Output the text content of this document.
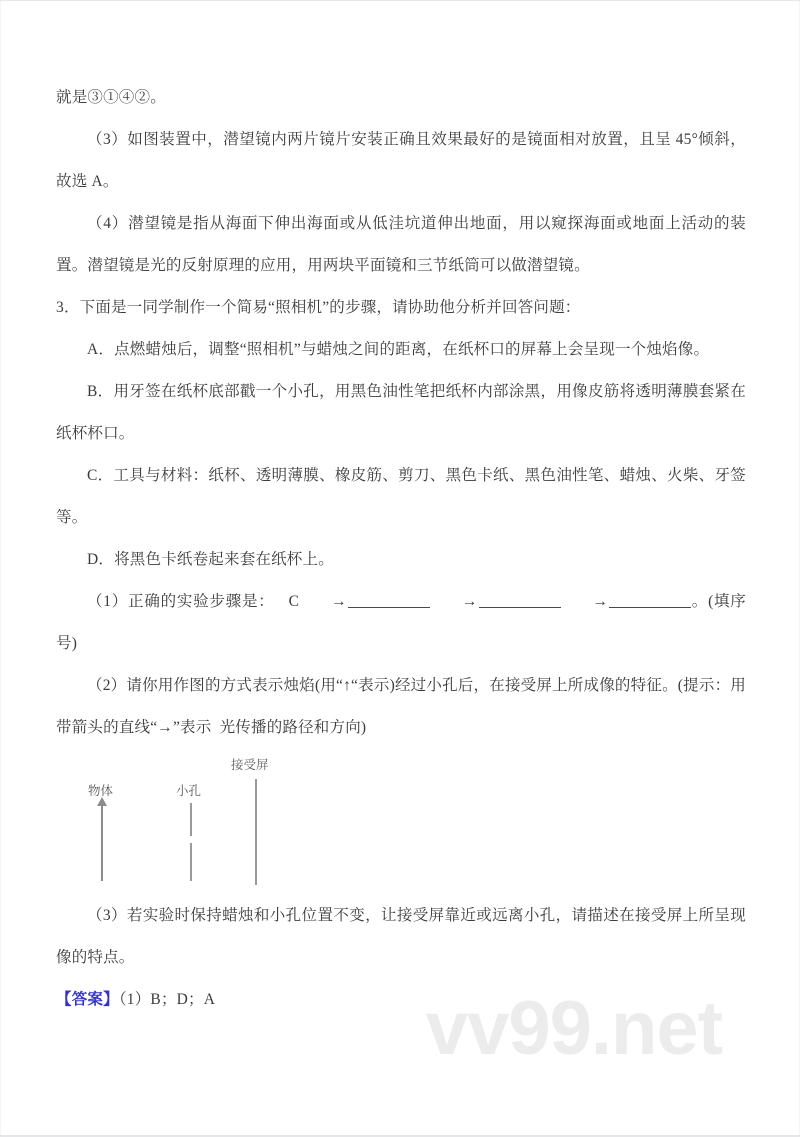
就是③①④②。

（3）如图装置中，潜望镜内两片镜片安装正确且效果最好的是镜面相对放置，且呈 45°倾斜，故选 A。

（4）潜望镜是指从海面下伸出海面或从低洼坑道伸出地面，用以窥探海面或地面上活动的装置。潜望镜是光的反射原理的应用，用两块平面镜和三节纸筒可以做潜望镜。

3．下面是一同学制作一个简易“照相机”的步骤，请协助他分析并回答问题：

A．点燃蜡烛后，调整“照相机”与蜡烛之间的距离，在纸杯口的屏幕上会呈现一个烛焰像。

B．用牙签在纸杯底部戳一个小孔，用黑色油性笔把纸杯内部涂黑，用像皮筋将透明薄膜套紧在纸杯杯口。

C．工具与材料：纸杯、透明薄膜、橡皮筋、剪刀、黑色卡纸、黑色油性笔、蜡烛、火柴、牙签等。

D．将黑色卡纸卷起来套在纸杯上。

（1）正确的实验步骤是： C →	→	→	。(填序号)

（2）请你用作图的方式表示烛焰(用“↑“表示)经过小孔后，在接受屏上所成像的特征。(提示：用带箭头的直线“→”表示  光传播的路径和方向)

物体	小孔
接受屏

（3）若实验时保持蜡烛和小孔位置不变，让接受屏靠近或远离小孔，请描述在接受屏上所呈现像的特点。

【答案】（1）B；D；A	vv99.net
